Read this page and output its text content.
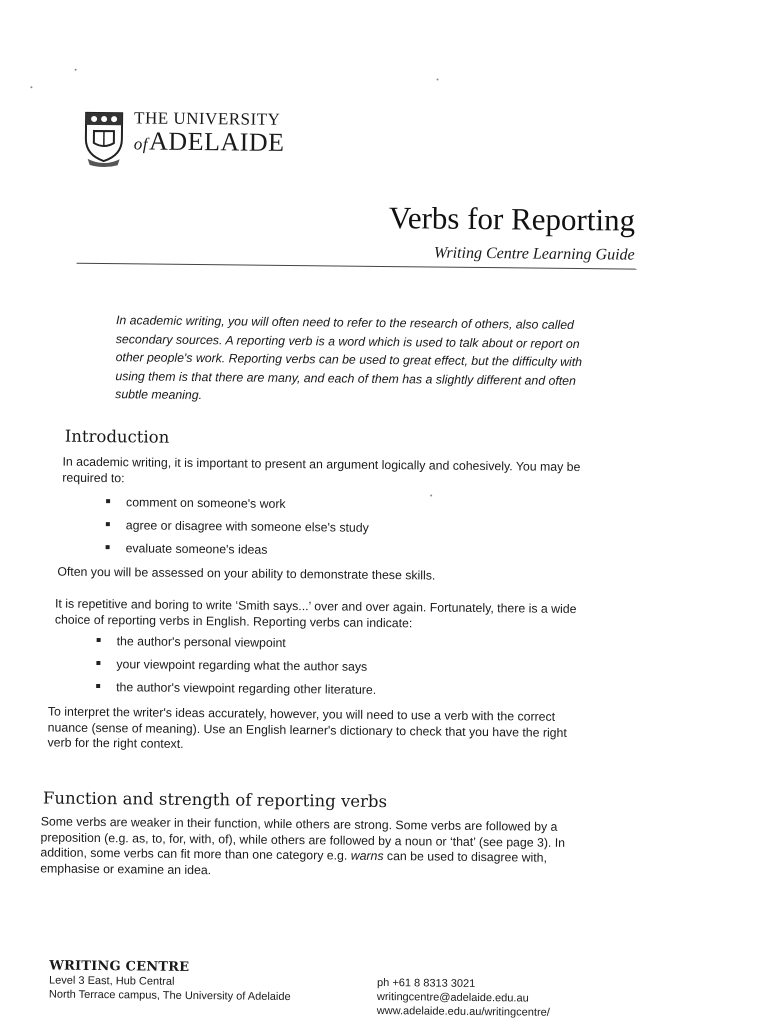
THE UNIVERSITY
ofADELAIDE
Verbs for Reporting
Writing Centre Learning Guide

In academic writing, you will often need to refer to the research of others, also called secondary sources. A reporting verb is a word which is used to talk about or report on other people's work. Reporting verbs can be used to great effect, but the difficulty with using them is that there are many, and each of them has a slightly different and often subtle meaning.

Introduction

In academic writing, it is important to present an argument logically and cohesively. You may be required to:

comment on someone's work
agree or disagree with someone else's study
evaluate someone's ideas

Often you will be assessed on your ability to demonstrate these skills.

It is repetitive and boring to write ‘Smith says...’ over and over again. Fortunately, there is a wide choice of reporting verbs in English. Reporting verbs can indicate:

the author's personal viewpoint
your viewpoint regarding what the author says
the author's viewpoint regarding other literature.

To interpret the writer's ideas accurately, however, you will need to use a verb with the correct nuance (sense of meaning). Use an English learner's dictionary to check that you have the right verb for the right context.

Function and strength of reporting verbs

Some verbs are weaker in their function, while others are strong. Some verbs are followed by a preposition (e.g. as, to, for, with, of), while others are followed by a noun or ‘that’ (see page 3). In addition, some verbs can fit more than one category e.g. warns can be used to disagree with, emphasise or examine an idea.

WRITING CENTRE
Level 3 East, Hub Central
North Terrace campus, The University of Adelaide
ph +61 8 8313 3021
writingcentre@adelaide.edu.au
www.adelaide.edu.au/writingcentre/
